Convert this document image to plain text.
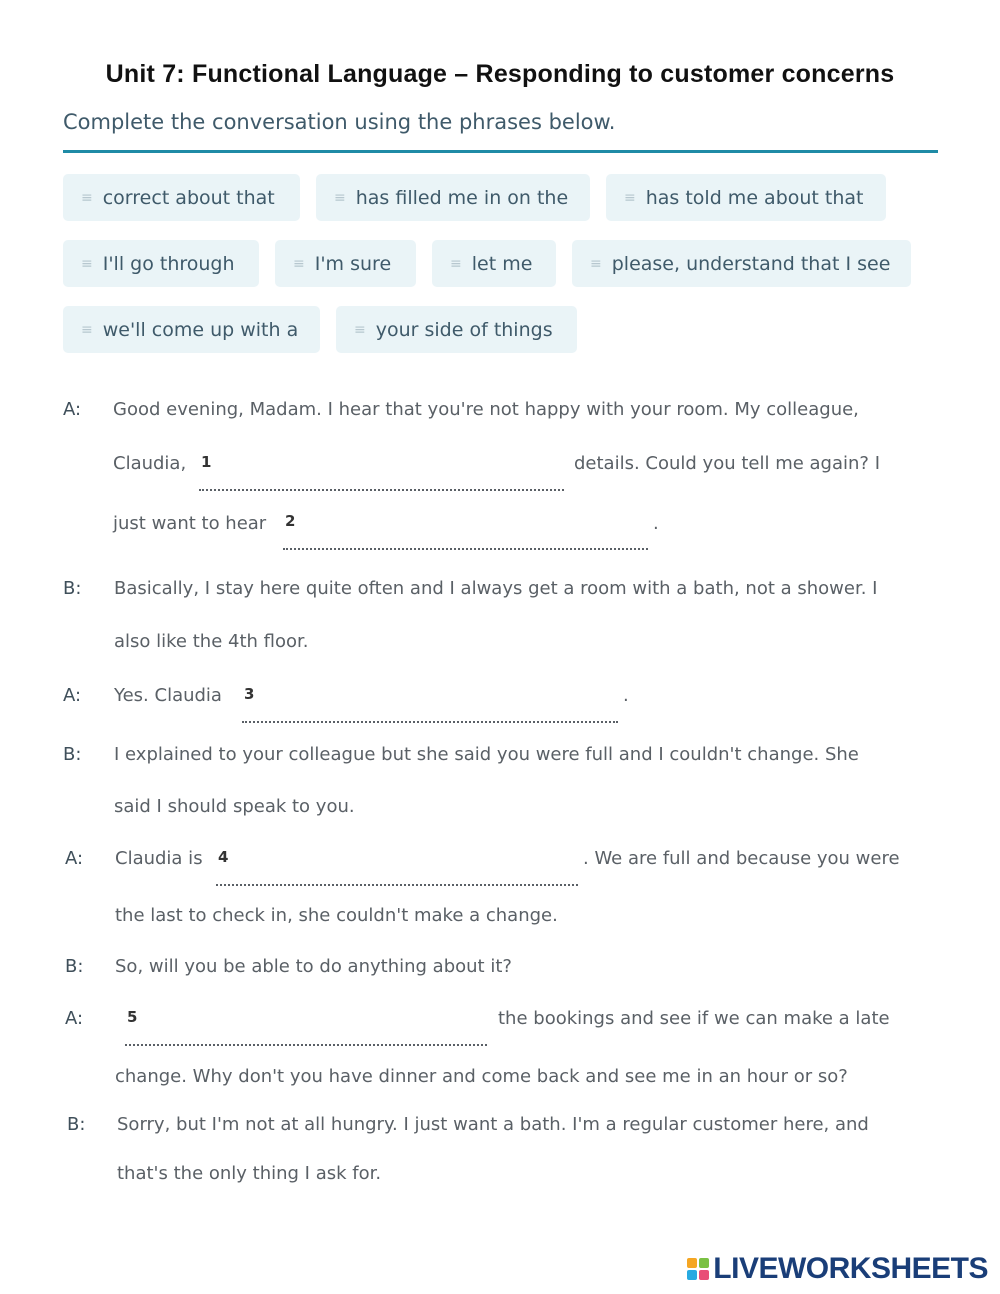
Unit 7: Functional Language – Responding to customer concerns
Complete the conversation using the phrases below.
≡ correct about that	≡ has filled me in on the	≡ has told me about that
≡ I'll go through	≡ I'm sure	≡ let me	≡ please, understand that I see
≡ we'll come up with a	≡ your side of things
A: Good evening, Madam. I hear that you're not happy with your room. My colleague,
Claudia, 1	details. Could you tell me again? I
just want to hear 2	.
B: Basically, I stay here quite often and I always get a room with a bath, not a shower. I
also like the 4th floor.
A: Yes. Claudia 3	.
B: I explained to your colleague but she said you were full and I couldn't change. She
said I should speak to you.
A: Claudia is 4	. We are full and because you were
the last to check in, she couldn't make a change.
B: So, will you be able to do anything about it?
A:	5	the bookings and see if we can make a late
change. Why don't you have dinner and come back and see me in an hour or so?
B: Sorry, but I'm not at all hungry. I just want a bath. I'm a regular customer here, and
that's the only thing I ask for.
LIVEWORKSHEETS
